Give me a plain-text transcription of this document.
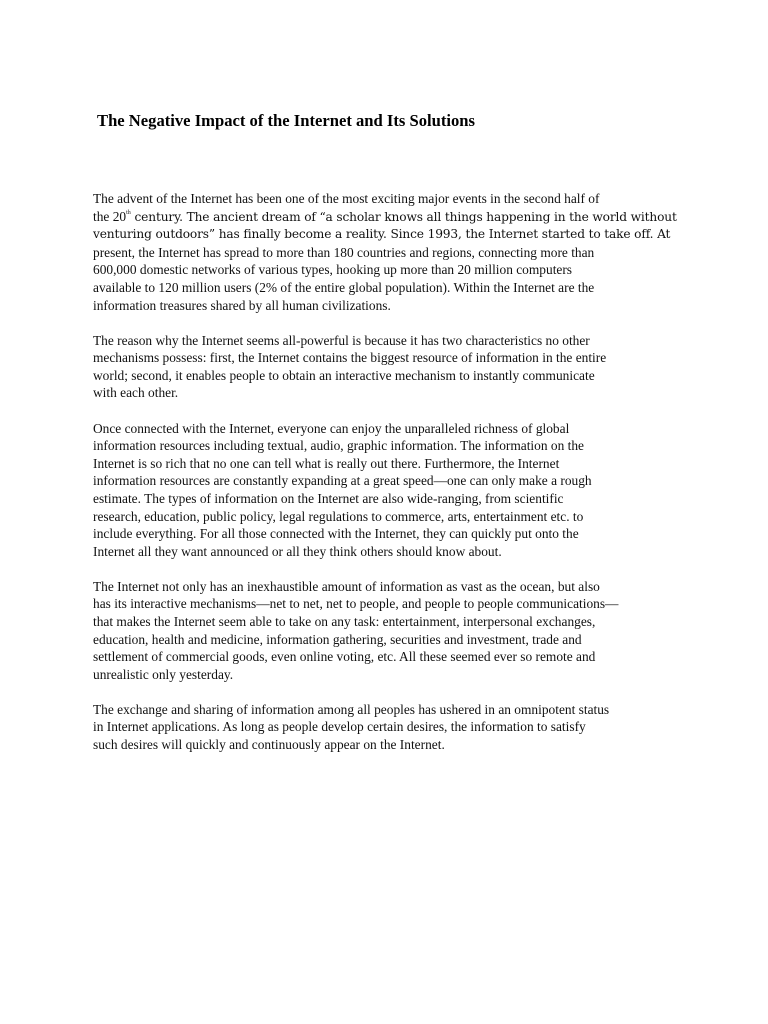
The Negative Impact of the Internet and Its Solutions

The advent of the Internet has been one of the most exciting major events in the second half of
the 20th century. The ancient dream of “a scholar knows all things happening in the world without
venturing outdoors” has finally become a reality. Since 1993, the Internet started to take off. At
present, the Internet has spread to more than 180 countries and regions, connecting more than
600,000 domestic networks of various types, hooking up more than 20 million computers
available to 120 million users (2% of the entire global population). Within the Internet are the
information treasures shared by all human civilizations.

The reason why the Internet seems all-powerful is because it has two characteristics no other
mechanisms possess: first, the Internet contains the biggest resource of information in the entire
world; second, it enables people to obtain an interactive mechanism to instantly communicate
with each other.

Once connected with the Internet, everyone can enjoy the unparalleled richness of global
information resources including textual, audio, graphic information. The information on the
Internet is so rich that no one can tell what is really out there. Furthermore, the Internet
information resources are constantly expanding at a great speed—one can only make a rough
estimate. The types of information on the Internet are also wide-ranging, from scientific
research, education, public policy, legal regulations to commerce, arts, entertainment etc. to
include everything. For all those connected with the Internet, they can quickly put onto the
Internet all they want announced or all they think others should know about.

The Internet not only has an inexhaustible amount of information as vast as the ocean, but also
has its interactive mechanisms—net to net, net to people, and people to people communications—
that makes the Internet seem able to take on any task: entertainment, interpersonal exchanges,
education, health and medicine, information gathering, securities and investment, trade and
settlement of commercial goods, even online voting, etc. All these seemed ever so remote and
unrealistic only yesterday.

The exchange and sharing of information among all peoples has ushered in an omnipotent status
in Internet applications. As long as people develop certain desires, the information to satisfy
such desires will quickly and continuously appear on the Internet.
